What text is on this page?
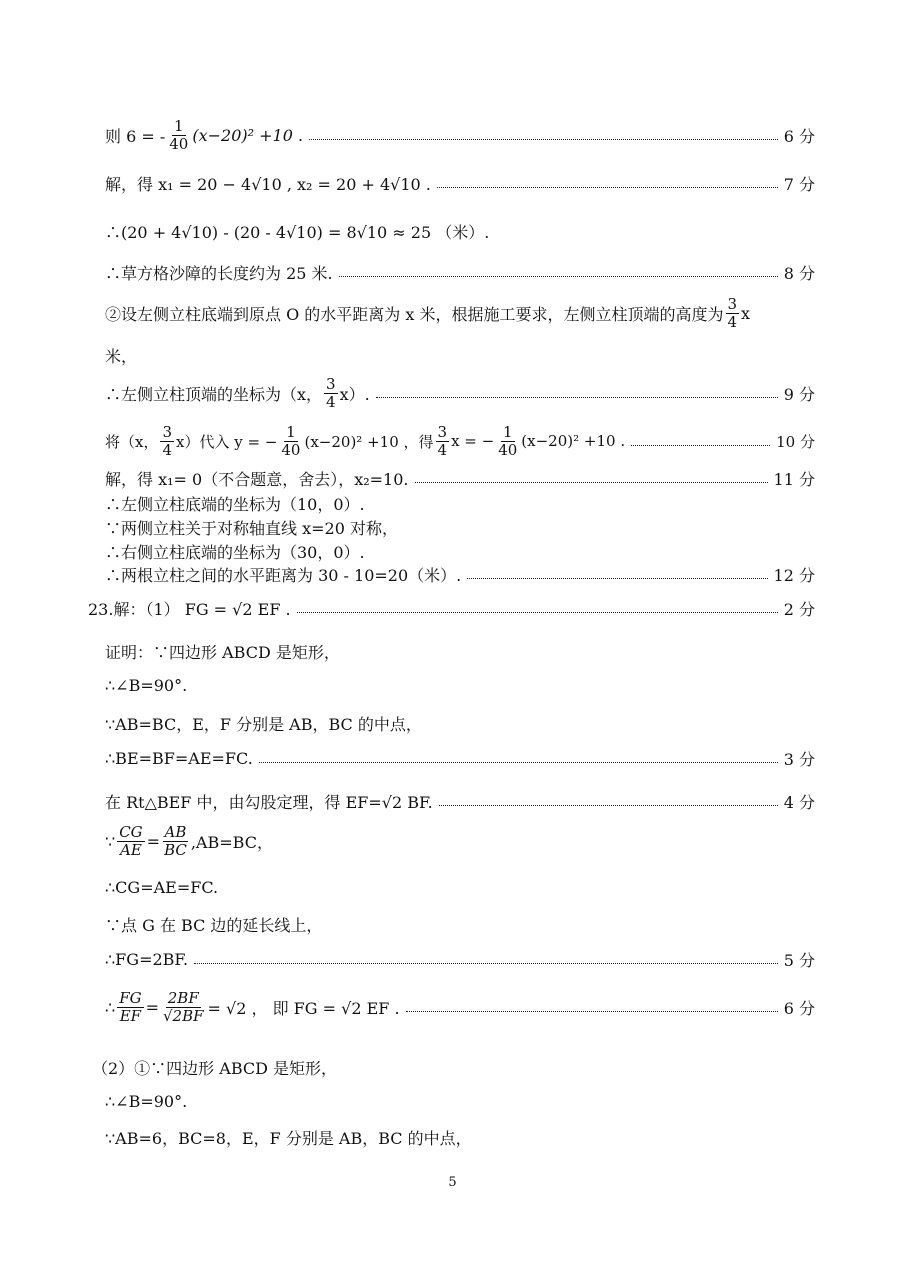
则 6 = - $\frac{1}{40} (x-20)^2 +10$ .	6 分
解，得 x₁ = 20 − 4√10 , x₂ = 20 + 4√10 .	7 分
∴(20 + 4√10) - (20 - 4√10) = 8√10 ≈ 25 （米）.
∴草方格沙障的长度约为 25 米.	8 分
②设左侧立柱底端到原点 O 的水平距离为 x 米，根据施工要求，左侧立柱顶端的高度为 $\frac{3}{4}$ x
米，
∴左侧立柱顶端的坐标为（x， $\frac{3}{4} x$）.	9 分
将（x， $\frac{3}{4} x$）代入 y = − $\frac{1}{40} (x-20)^2 +10$ ，得 $\frac{3}{4}$ x = − $\frac{1}{40} (x-20)^2 +10$ .	10 分
解，得 x₁= 0（不合题意，舍去），x₂=10.	11 分
∴左侧立柱底端的坐标为（10，0）.
∵两侧立柱关于对称轴直线 x=20 对称，
∴右侧立柱底端的坐标为（30，0）.
∴两根立柱之间的水平距离为 30 - 10=20（米）.	12 分
23.解：（1） FG = √2 EF .	2 分
证明：∵四边形 ABCD 是矩形，
∴∠B=90°.
∵AB=BC，E，F 分别是 AB，BC 的中点，
∴BE=BF=AE=FC.	3 分
在 Rt△BEF 中，由勾股定理，得 EF=√2 BF.	4 分
∵ $\frac{CG}{AE} = \frac{AB}{BC} ,AB=BC$，
∴CG=AE=FC.
∵点 G 在 BC 边的延长线上，
∴FG=2BF.	5 分
∴ $\frac{FG}{EF} = \frac{2BF}{√2BF} = √2$ ， 即 FG = √2 EF .	6 分
（2）①∵四边形 ABCD 是矩形，
∴∠B=90°.
∵AB=6，BC=8，E，F 分别是 AB，BC 的中点，
5
